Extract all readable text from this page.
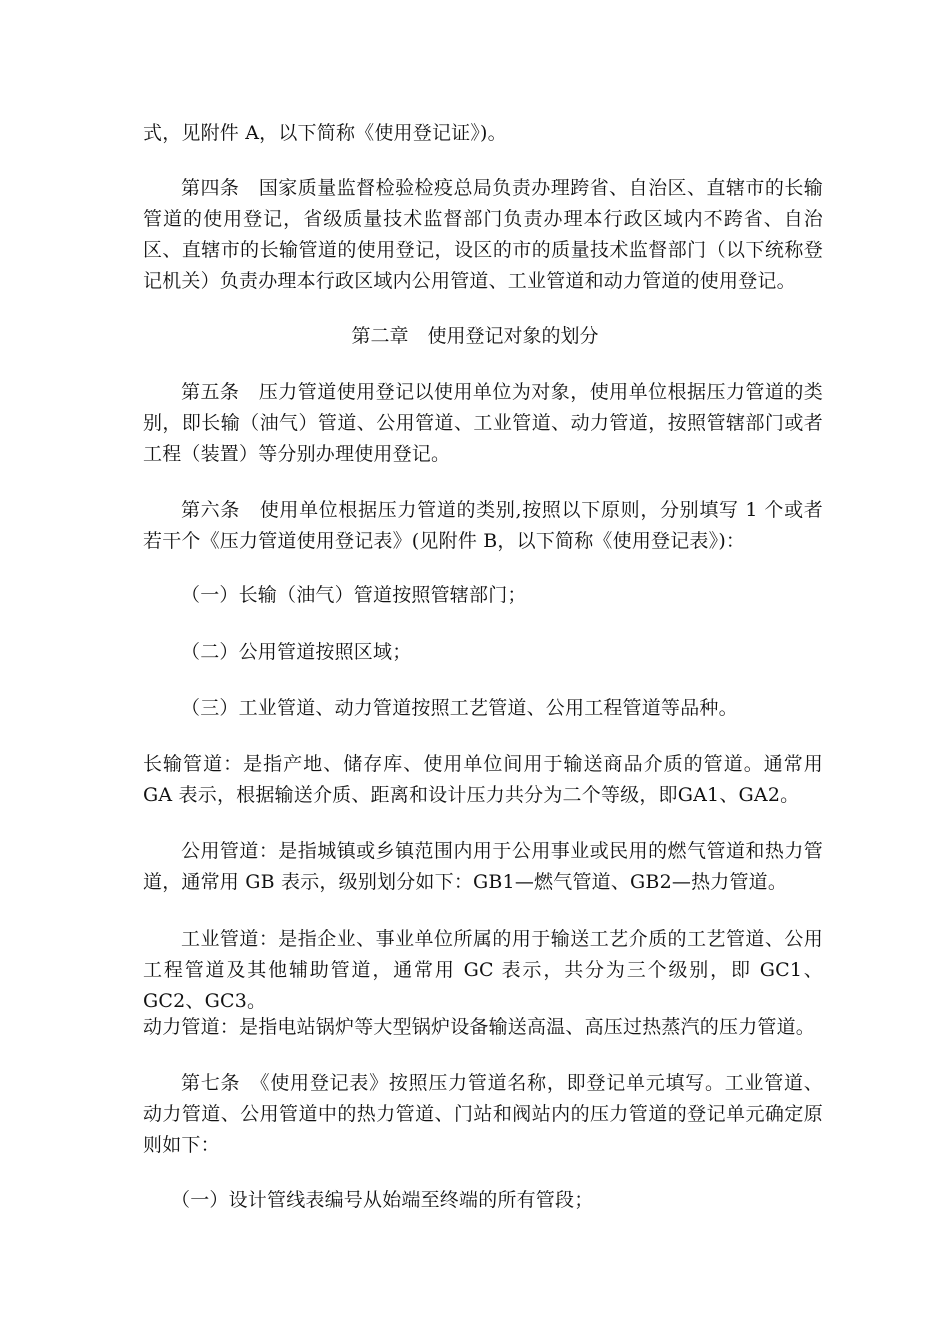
式，见附件 A，以下简称《使用登记证》)。

第四条　国家质量监督检验检疫总局负责办理跨省、自治区、直辖市的长输管道的使用登记，省级质量技术监督部门负责办理本行政区域内不跨省、自治区、直辖市的长输管道的使用登记，设区的市的质量技术监督部门（以下统称登记机关）负责办理本行政区域内公用管道、工业管道和动力管道的使用登记。

第二章　使用登记对象的划分

第五条　压力管道使用登记以使用单位为对象，使用单位根据压力管道的类别，即长输（油气）管道、公用管道、工业管道、动力管道，按照管辖部门或者工程（装置）等分别办理使用登记。

第六条　使用单位根据压力管道的类别,按照以下原则，分别填写 1 个或者若干个《压力管道使用登记表》(见附件 B，以下简称《使用登记表》)：

（一）长输（油气）管道按照管辖部门；

（二）公用管道按照区域；

（三）工业管道、动力管道按照工艺管道、公用工程管道等品种。

长输管道：是指产地、储存库、使用单位间用于输送商品介质的管道。通常用 GA 表示，根据输送介质、距离和设计压力共分为二个等级，即GA1、GA2。

公用管道：是指城镇或乡镇范围内用于公用事业或民用的燃气管道和热力管道，通常用 GB 表示，级别划分如下：GB1—燃气管道、GB2—热力管道。

工业管道：是指企业、事业单位所属的用于输送工艺介质的工艺管道、公用工程管道及其他辅助管道，通常用 GC 表示，共分为三个级别，即 GC1、GC2、GC3。

动力管道：是指电站锅炉等大型锅炉设备输送高温、高压过热蒸汽的压力管道。

第七条　《使用登记表》按照压力管道名称，即登记单元填写。工业管道、动力管道、公用管道中的热力管道、门站和阀站内的压力管道的登记单元确定原则如下：

（一）设计管线表编号从始端至终端的所有管段；
